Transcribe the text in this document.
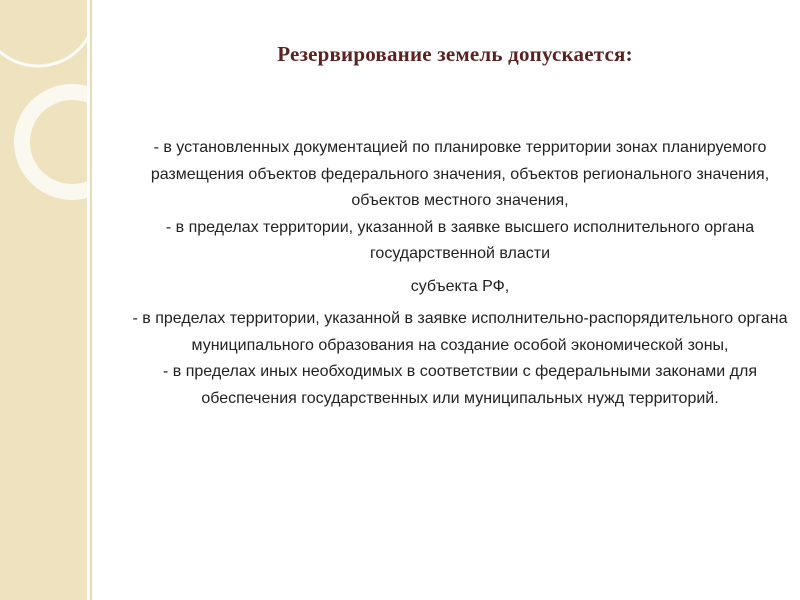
Резервирование земель допускается:

- в установленных документацией по планировке территории зонах планируемого размещения объектов федерального значения, объектов регионального значения, объектов местного значения,

- в пределах территории, указанной в заявке высшего исполнительного органа государственной власти

субъекта РФ,

- в пределах территории, указанной в заявке исполнительно-распорядительного органа муниципального образования на создание особой экономической зоны,

- в пределах иных необходимых в соответствии с федеральными законами для обеспечения государственных или муниципальных нужд территорий.
